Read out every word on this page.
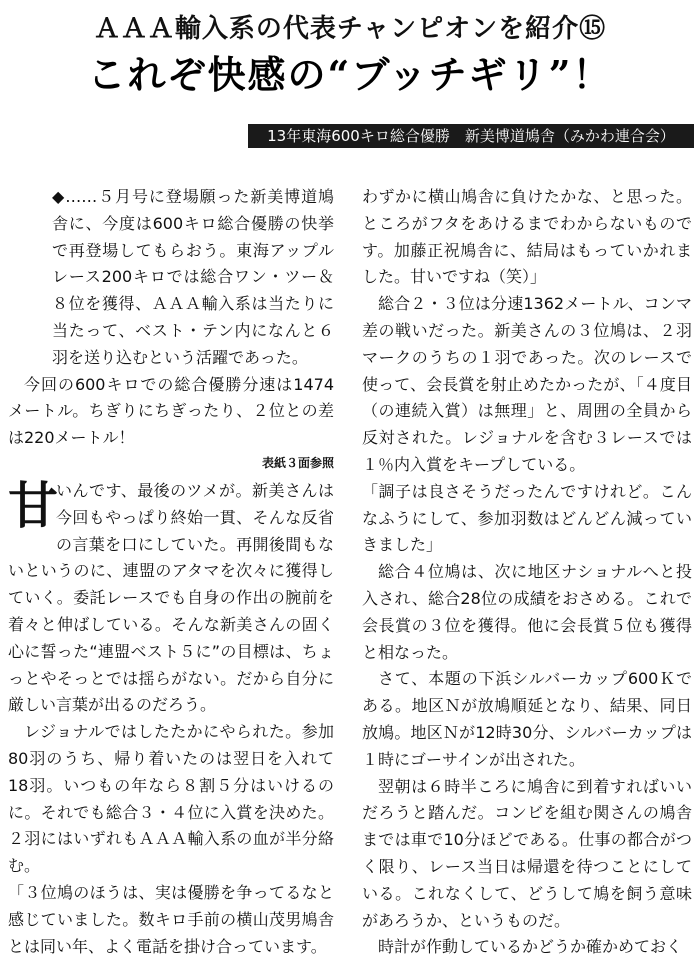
ＡＡＡ輸入系の代表チャンピオンを紹介⑮
これぞ快感の“ブッチギリ”！
13年東海600キロ総合優勝　新美博道鳩舎（みかわ連合会）

◆……５月号に登場願った新美博道鳩舎に、今度は600キロ総合優勝の快挙で再登場してもらおう。東海アップルレース200キロでは総合ワン・ツー＆８位を獲得、ＡＡＡ輸入系は当たりに当たって、ベスト・テン内になんと６羽を送り込むという活躍であった。

今回の600キロでの総合優勝分速は1474メートル。ちぎりにちぎったり、２位との差は220メートル！

表紙３面参照

甘
いんです、最後のツメが。新美さんは今回もやっぱり終始一貫、そんな反省の言葉を口にしていた。再開後間もないというのに、連盟のアタマを次々に獲得していく。委託レースでも自身の作出の腕前を着々と伸ばしている。そんな新美さんの固く心に誓った“連盟ベスト５に”の目標は、ちょっとやそっとでは揺らがない。だから自分に厳しい言葉が出るのだろう。

レジョナルではしたたかにやられた。参加80羽のうち、帰り着いたのは翌日を入れて18羽。いつもの年なら８割５分はいけるのに。それでも総合３・４位に入賞を決めた。２羽にはいずれもＡＡＡ輸入系の血が半分絡む。

「３位鳩のほうは、実は優勝を争ってるなと感じていました。数キロ手前の横山茂男鳩舎とは同い年、よく電話を掛け合っています。

わずかに横山鳩舎に負けたかな、と思った。ところがフタをあけるまでわからないものです。加藤正祝鳩舎に、結局はもっていかれました。甘いですね（笑）」

総合２・３位は分速1362メートル、コンマ差の戦いだった。新美さんの３位鳩は、２羽マークのうちの１羽であった。次のレースで使って、会長賞を射止めたかったが、「４度目（の連続入賞）は無理」と、周囲の全員から反対された。レジョナルを含む３レースでは１％内入賞をキープしている。

「調子は良さそうだったんですけれど。こんなふうにして、参加羽数はどんどん減っていきました」

総合４位鳩は、次に地区ナショナルへと投入され、総合28位の成績をおさめる。これで会長賞の３位を獲得。他に会長賞５位も獲得と相なった。

さて、本題の下浜シルバーカップ600Ｋである。地区Ｎが放鳩順延となり、結果、同日放鳩。地区Ｎが12時30分、シルバーカップは１時にゴーサインが出された。

翌朝は６時半ころに鳩舎に到着すればいいだろうと踏んだ。コンビを組む関さんの鳩舎までは車で10分ほどである。仕事の都合がつく限り、レース当日は帰還を待つことにしている。これなくして、どうして鳩を飼う意味があろうか、というものだ。

時計が作動しているかどうか確かめておく
